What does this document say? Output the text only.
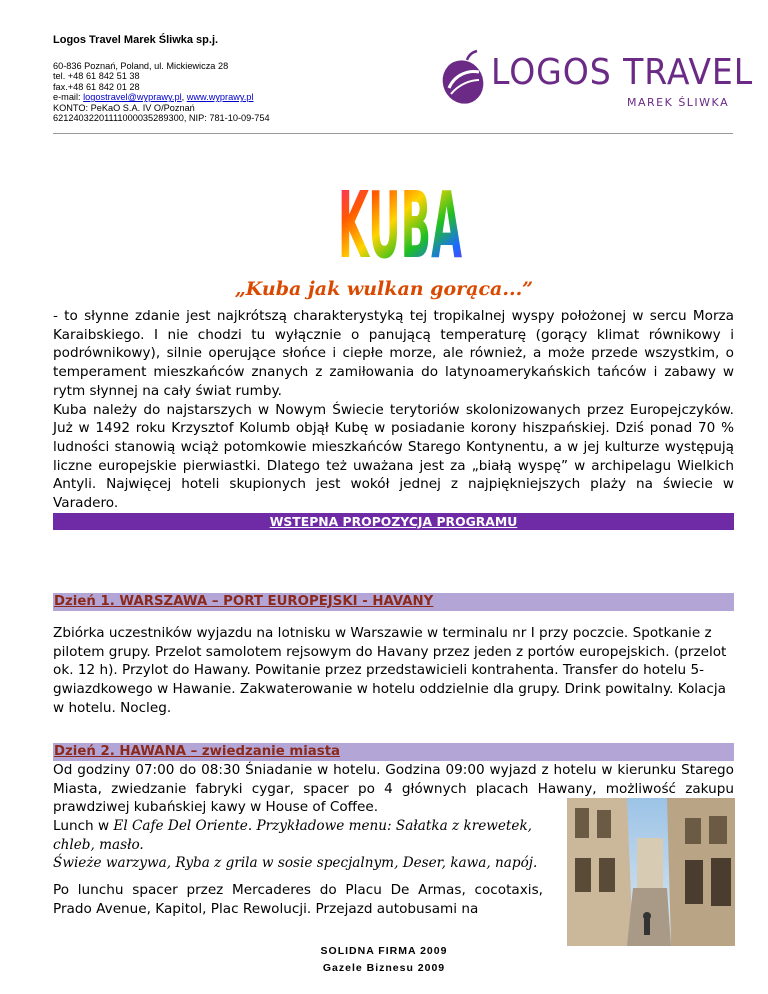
Logos Travel Marek Śliwka sp.j.
60-836 Poznań, Poland, ul. Mickiewicza 28
tel. +48 61 842 51 38
fax.+48 61 842 01 28
e-mail: logostravel@wyprawy.pl, www.wyprawy.pl
KONTO: PeKaO S.A. IV O/Poznań
62124032201111000035289300, NIP: 781-10-09-754
LOGOS TRAVEL
MAREK ŚLIWKA
KUBA
„Kuba jak wulkan gorąca...”

- to słynne zdanie jest najkrótszą charakterystyką tej tropikalnej wyspy położonej w sercu Morza Karaibskiego. I nie chodzi tu wyłącznie o panującą temperaturę (gorący klimat równikowy i podrównikowy), silnie operujące słońce i ciepłe morze, ale również, a może przede wszystkim, o temperament mieszkańców znanych z zamiłowania do latynoamerykańskich tańców i zabawy w rytm słynnej na cały świat rumby.

Kuba należy do najstarszych w Nowym Świecie terytoriów skolonizowanych przez Europejczyków. Już w 1492 roku Krzysztof Kolumb objął Kubę w posiadanie korony hiszpańskiej. Dziś ponad 70 % ludności stanowią wciąż potomkowie mieszkańców Starego Kontynentu, a w jej kulturze występują liczne europejskie pierwiastki. Dlatego też uważana jest za „białą wyspę” w archipelagu Wielkich Antyli. Najwięcej hoteli skupionych jest wokół jednej z najpiękniejszych plaży na świecie w Varadero.

WSTEPNA PROPOZYCJA PROGRAMU
Dzień 1. WARSZAWA – PORT EUROPEJSKI - HAVANY

Zbiórka uczestników wyjazdu na lotnisku w Warszawie w terminalu nr I przy poczcie. Spotkanie z pilotem grupy. Przelot samolotem rejsowym do Havany przez jeden z portów europejskich. (przelot ok. 12 h). Przylot do Hawany. Powitanie przez przedstawicieli kontrahenta. Transfer do hotelu 5-gwiazdkowego w Hawanie. Zakwaterowanie w hotelu oddzielnie dla grupy. Drink powitalny. Kolacja w hotelu. Nocleg.

Dzień 2. HAWANA – zwiedzanie miasta

Od godziny 07:00 do 08:30 Śniadanie w hotelu. Godzina 09:00 wyjazd z hotelu w kierunku Starego Miasta, zwiedzanie fabryki cygar, spacer po 4 głównych placach Hawany, możliwość zakupu prawdziwej kubańskiej kawy w House of Coffee.

Lunch w El Cafe Del Oriente. Przykładowe menu: Sałatka z krewetek, chleb, masło.

Świeże warzywa, Ryba z grila w sosie specjalnym, Deser, kawa, napój.

Po lunchu spacer przez Mercaderes do Placu De Armas, cocotaxis, Prado Avenue, Kapitol, Plac Rewolucji. Przejazd autobusami na

SOLIDNA FIRMA 2009
Gazele Biznesu 2009
